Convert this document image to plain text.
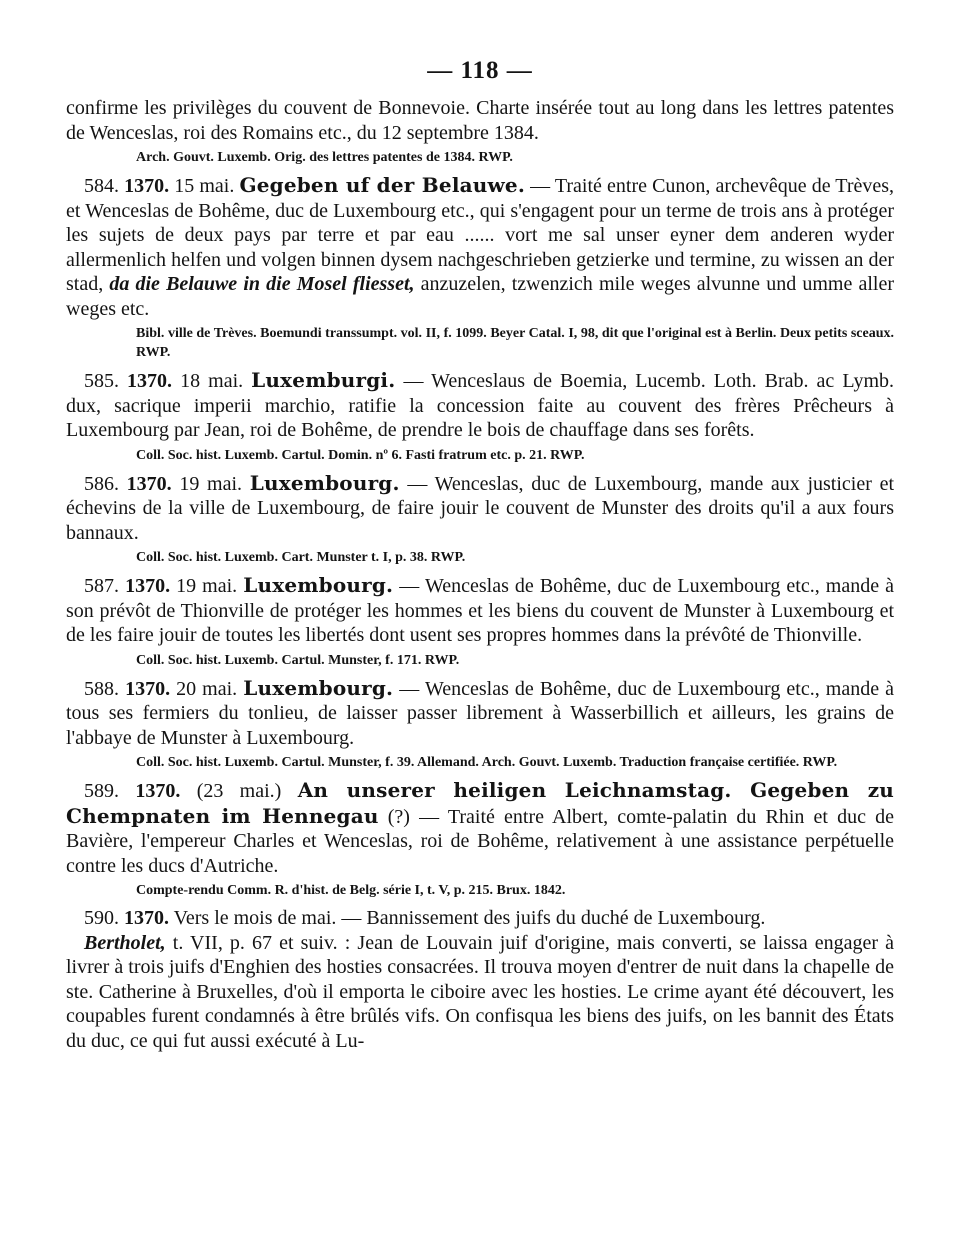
— 118 —

confirme les privilèges du couvent de Bonnevoie. Charte insérée tout au long dans les lettres patentes de Wenceslas, roi des Romains etc., du 12 septembre 1384.

Arch. Gouvt. Luxemb. Orig. des lettres patentes de 1384. RWP.

584. 1370. 15 mai. Gegeben uf der Belauwe. — Traité entre Cunon, archevêque de Trèves, et Wenceslas de Bohême, duc de Luxembourg etc., qui s'engagent pour un terme de trois ans à protéger les sujets de deux pays par terre et par eau ...... vort me sal unser eyner dem anderen wyder allermenlich helfen und volgen binnen dysem nachgeschrieben getzierke und termine, zu wissen an der stad, da die Belauwe in die Mosel fliesset, anzuzelen, tzwenzich mile weges alvunne und umme aller weges etc.

Bibl. ville de Trèves. Boemundi transsumpt. vol. II, f. 1099. Beyer Catal. I, 98, dit que l'original est à Berlin. Deux petits sceaux. RWP.

585. 1370. 18 mai. Luxemburgi. — Wenceslaus de Boemia, Lucemb. Loth. Brab. ac Lymb. dux, sacrique imperii marchio, ratifie la concession faite au couvent des frères Prêcheurs à Luxembourg par Jean, roi de Bohême, de prendre le bois de chauffage dans ses forêts.

Coll. Soc. hist. Luxemb. Cartul. Domin. nº 6. Fasti fratrum etc. p. 21. RWP.

586. 1370. 19 mai. Luxembourg. — Wenceslas, duc de Luxembourg, mande aux justicier et échevins de la ville de Luxembourg, de faire jouir le couvent de Munster des droits qu'il a aux fours bannaux.

Coll. Soc. hist. Luxemb. Cart. Munster t. I, p. 38. RWP.

587. 1370. 19 mai. Luxembourg. — Wenceslas de Bohême, duc de Luxembourg etc., mande à son prévôt de Thionville de protéger les hommes et les biens du couvent de Munster à Luxembourg et de les faire jouir de toutes les libertés dont usent ses propres hommes dans la prévôté de Thionville.

Coll. Soc. hist. Luxemb. Cartul. Munster, f. 171. RWP.

588. 1370. 20 mai. Luxembourg. — Wenceslas de Bohême, duc de Luxembourg etc., mande à tous ses fermiers du tonlieu, de laisser passer librement à Wasserbillich et ailleurs, les grains de l'abbaye de Munster à Luxembourg.

Coll. Soc. hist. Luxemb. Cartul. Munster, f. 39. Allemand. Arch. Gouvt. Luxemb. Traduction française certifiée. RWP.

589. 1370. (23 mai.) An unserer heiligen Leichnamstag. Gegeben zu Chempnaten im Hennegau (?) — Traité entre Albert, comte-palatin du Rhin et duc de Bavière, l'empereur Charles et Wenceslas, roi de Bohême, relativement à une assistance perpétuelle contre les ducs d'Autriche.

Compte-rendu Comm. R. d'hist. de Belg. série I, t. V, p. 215. Brux. 1842.

590. 1370. Vers le mois de mai. — Bannissement des juifs du duché de Luxembourg.

Bertholet, t. VII, p. 67 et suiv. : Jean de Louvain juif d'origine, mais converti, se laissa engager à livrer à trois juifs d'Enghien des hosties consacrées. Il trouva moyen d'entrer de nuit dans la chapelle de ste. Catherine à Bruxelles, d'où il emporta le ciboire avec les hosties. Le crime ayant été découvert, les coupables furent condamnés à être brûlés vifs. On confisqua les biens des juifs, on les bannit des États du duc, ce qui fut aussi exécuté à Lu-
